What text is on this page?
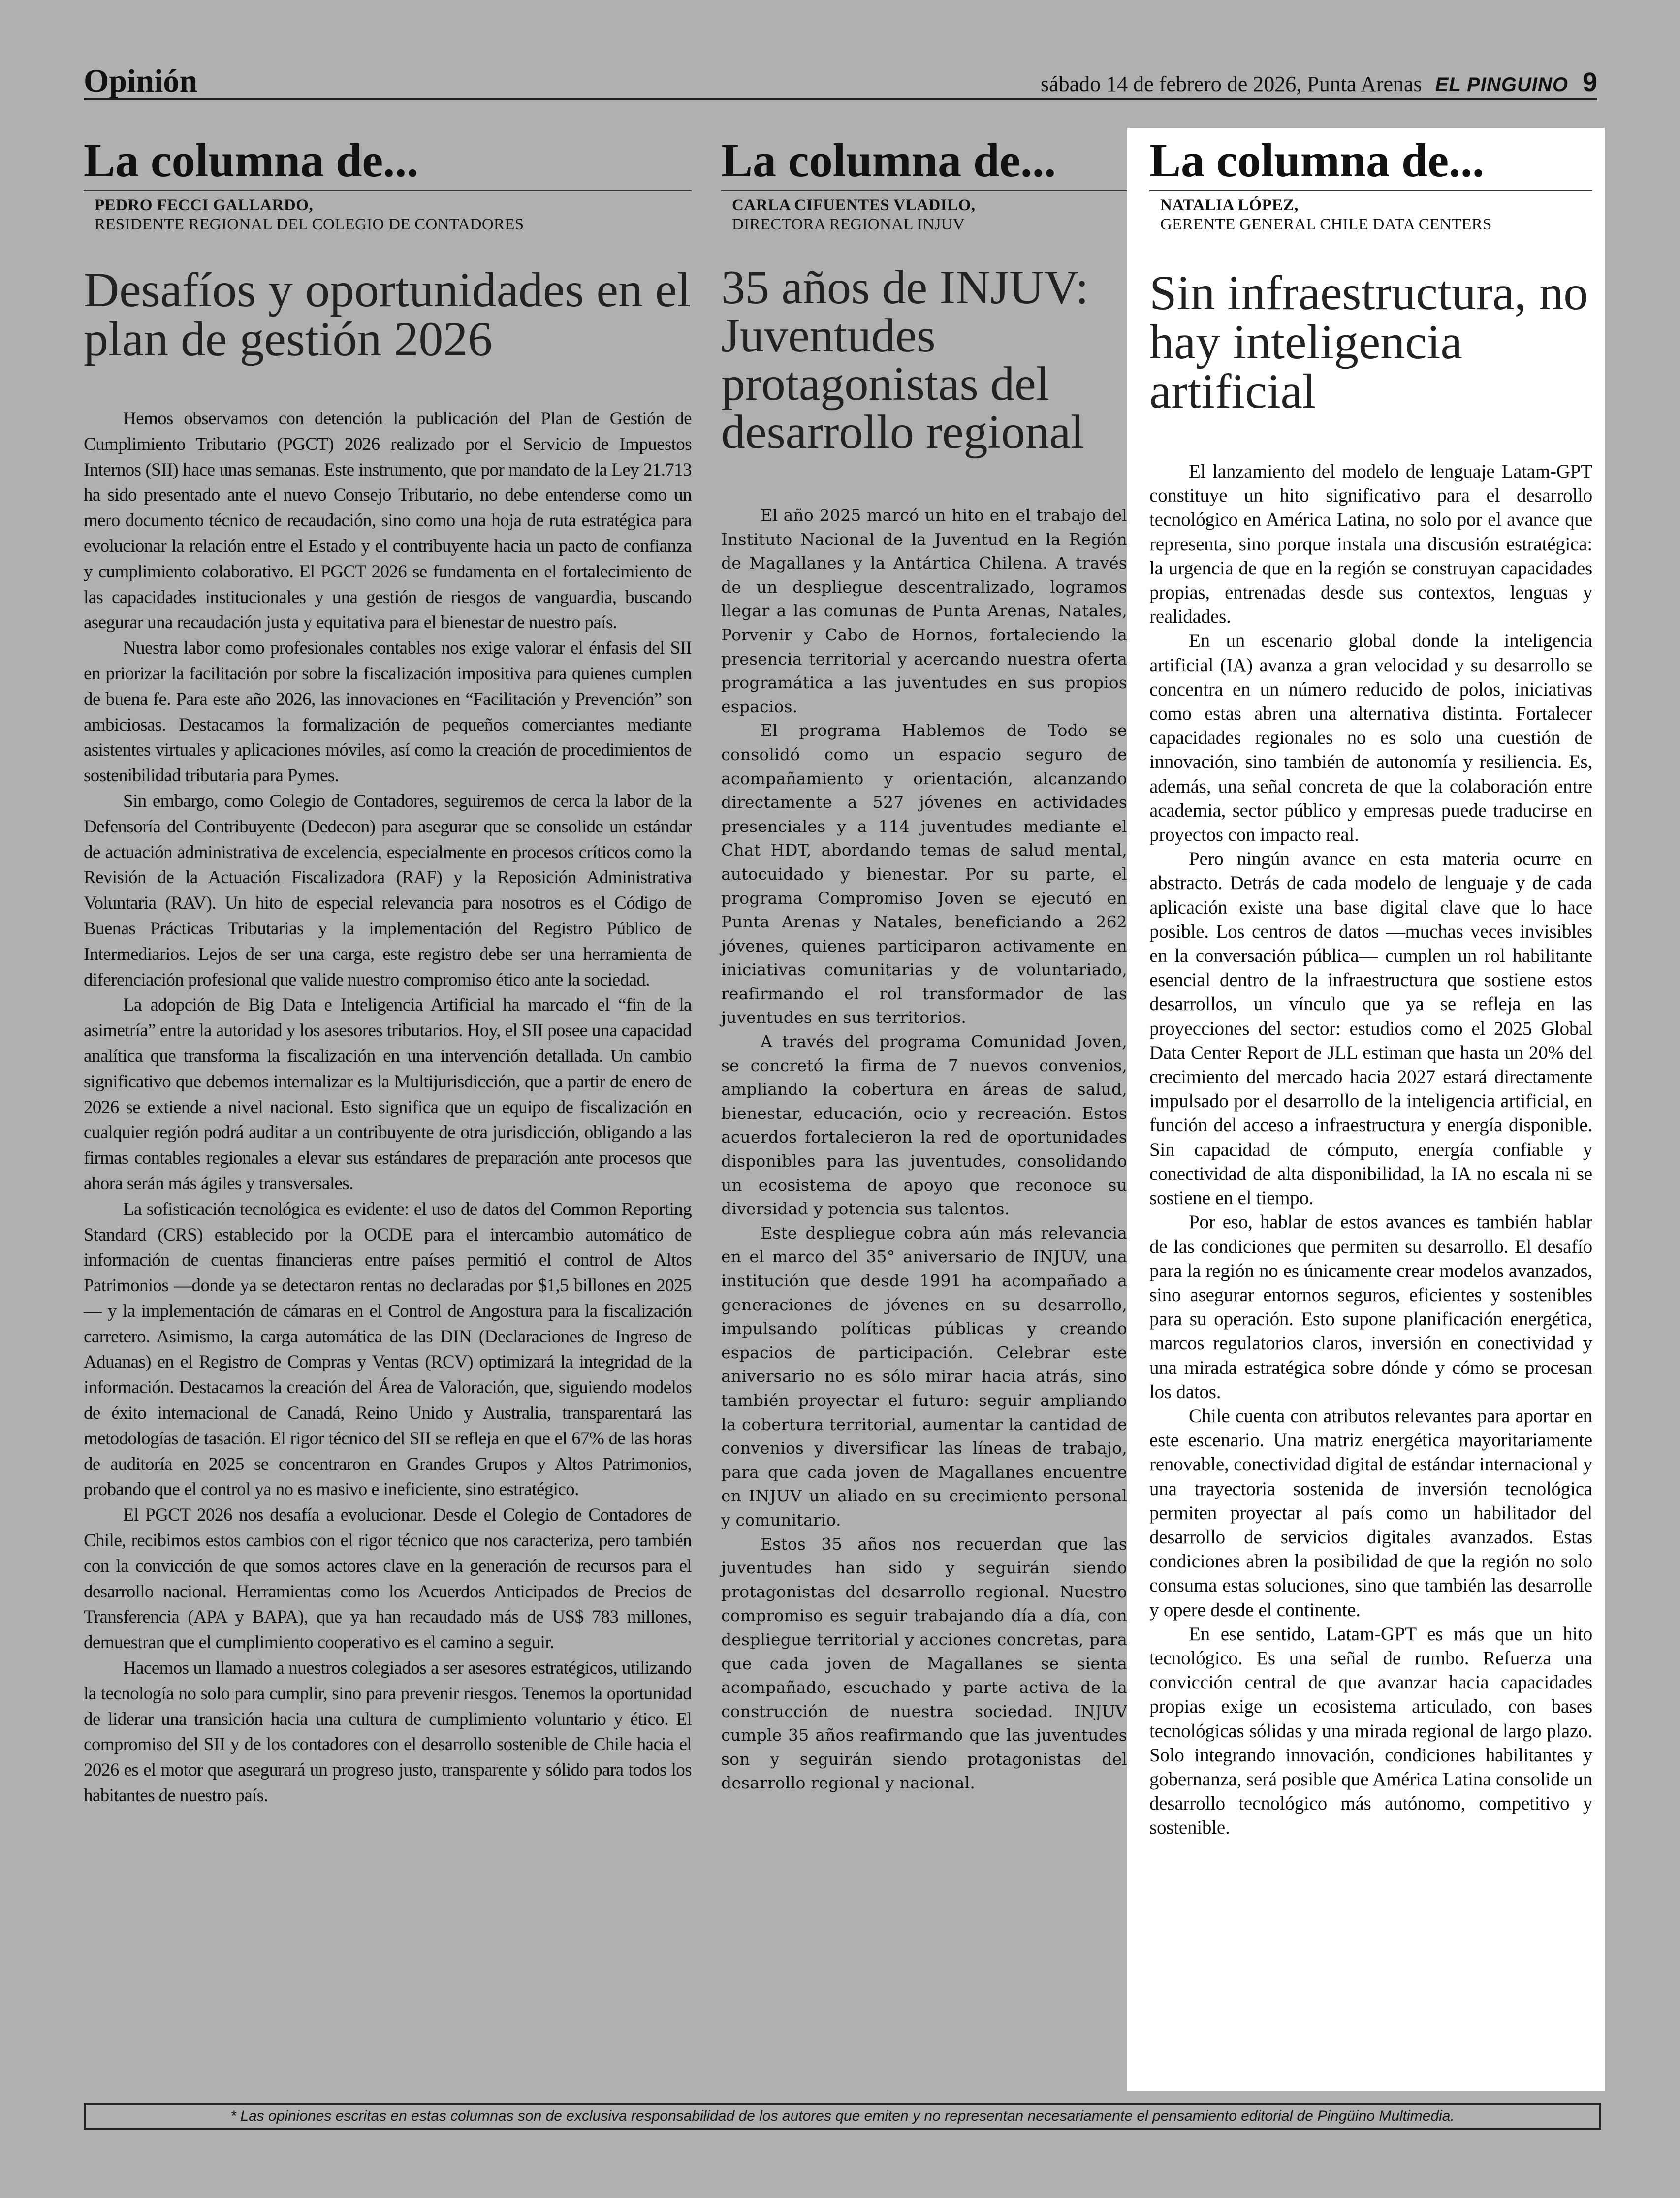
Opinión	sábado 14 de febrero de 2026, Punta Arenas EL PINGUINO 9
La columna de...
PEDRO FECCI GALLARDO,
RESIDENTE REGIONAL DEL COLEGIO DE CONTADORES
Desafíos y oportunidades en el plan de gestión 2026

Hemos observamos con detención la publicación del Plan de Gestión de Cumplimiento Tributario (PGCT) 2026 realizado por el Servicio de Impuestos Internos (SII) hace unas semanas. Este instrumento, que por mandato de la Ley 21.713 ha sido presentado ante el nuevo Consejo Tributario, no debe entenderse como un mero documento técnico de recaudación, sino como una hoja de ruta estratégica para evolucionar la relación entre el Estado y el contribuyente hacia un pacto de confianza y cumplimiento colaborativo. El PGCT 2026 se fundamenta en el fortalecimiento de las capacidades institucionales y una gestión de riesgos de vanguardia, buscando asegurar una recaudación justa y equitativa para el bienestar de nuestro país.

Nuestra labor como profesionales contables nos exige valorar el énfasis del SII en priorizar la facilitación por sobre la fiscalización impositiva para quienes cumplen de buena fe. Para este año 2026, las innovaciones en “Facilitación y Prevención” son ambiciosas. Destacamos la formalización de pequeños comerciantes mediante asistentes virtuales y aplicaciones móviles, así como la creación de procedimientos de sostenibilidad tributaria para Pymes.

Sin embargo, como Colegio de Contadores, seguiremos de cerca la labor de la Defensoría del Contribuyente (Dedecon) para asegurar que se consolide un estándar de actuación administrativa de excelencia, especialmente en procesos críticos como la Revisión de la Actuación Fiscalizadora (RAF) y la Reposición Administrativa Voluntaria (RAV). Un hito de especial relevancia para nosotros es el Código de Buenas Prácticas Tributarias y la implementación del Registro Público de Intermediarios. Lejos de ser una carga, este registro debe ser una herramienta de diferenciación profesional que valide nuestro compromiso ético ante la sociedad.

La adopción de Big Data e Inteligencia Artificial ha marcado el “fin de la asimetría” entre la autoridad y los asesores tributarios. Hoy, el SII posee una capacidad analítica que transforma la fiscalización en una intervención detallada. Un cambio significativo que debemos internalizar es la Multijurisdicción, que a partir de enero de 2026 se extiende a nivel nacional. Esto significa que un equipo de fiscalización en cualquier región podrá auditar a un contribuyente de otra jurisdicción, obligando a las firmas contables regionales a elevar sus estándares de preparación ante procesos que ahora serán más ágiles y transversales.

La sofisticación tecnológica es evidente: el uso de datos del Common Reporting Standard (CRS) establecido por la OCDE para el intercambio automático de información de cuentas financieras entre países permitió el control de Altos Patrimonios —donde ya se detectaron rentas no declaradas por $1,5 billones en 2025— y la implementación de cámaras en el Control de Angostura para la fiscalización carretero. Asimismo, la carga automática de las DIN (Declaraciones de Ingreso de Aduanas) en el Registro de Compras y Ventas (RCV) optimizará la integridad de la información. Destacamos la creación del Área de Valoración, que, siguiendo modelos de éxito internacional de Canadá, Reino Unido y Australia, transparentará las metodologías de tasación. El rigor técnico del SII se refleja en que el 67% de las horas de auditoría en 2025 se concentraron en Grandes Grupos y Altos Patrimonios, probando que el control ya no es masivo e ineficiente, sino estratégico.

El PGCT 2026 nos desafía a evolucionar. Desde el Colegio de Contadores de Chile, recibimos estos cambios con el rigor técnico que nos caracteriza, pero también con la convicción de que somos actores clave en la generación de recursos para el desarrollo nacional. Herramientas como los Acuerdos Anticipados de Precios de Transferencia (APA y BAPA), que ya han recaudado más de US$ 783 millones, demuestran que el cumplimiento cooperativo es el camino a seguir.

Hacemos un llamado a nuestros colegiados a ser asesores estratégicos, utilizando la tecnología no solo para cumplir, sino para prevenir riesgos. Tenemos la oportunidad de liderar una transición hacia una cultura de cumplimiento voluntario y ético. El compromiso del SII y de los contadores con el desarrollo sostenible de Chile hacia el 2026 es el motor que asegurará un progreso justo, transparente y sólido para todos los habitantes de nuestro país.

La columna de...
CARLA CIFUENTES VLADILO,
DIRECTORA REGIONAL INJUV
35 años de INJUV: Juventudes protagonistas del desarrollo regional

El año 2025 marcó un hito en el trabajo del Instituto Nacional de la Juventud en la Región de Magallanes y la Antártica Chilena. A través de un despliegue descentralizado, logramos llegar a las comunas de Punta Arenas, Natales, Porvenir y Cabo de Hornos, fortaleciendo la presencia territorial y acercando nuestra oferta programática a las juventudes en sus propios espacios.

El programa Hablemos de Todo se consolidó como un espacio seguro de acompañamiento y orientación, alcanzando directamente a 527 jóvenes en actividades presenciales y a 114 juventudes mediante el Chat HDT, abordando temas de salud mental, autocuidado y bienestar. Por su parte, el programa Compromiso Joven se ejecutó en Punta Arenas y Natales, beneficiando a 262 jóvenes, quienes participaron activamente en iniciativas comunitarias y de voluntariado, reafirmando el rol transformador de las juventudes en sus territorios.

A través del programa Comunidad Joven, se concretó la firma de 7 nuevos convenios, ampliando la cobertura en áreas de salud, bienestar, educación, ocio y recreación. Estos acuerdos fortalecieron la red de oportunidades disponibles para las juventudes, consolidando un ecosistema de apoyo que reconoce su diversidad y potencia sus talentos.

Este despliegue cobra aún más relevancia en el marco del 35° aniversario de INJUV, una institución que desde 1991 ha acompañado a generaciones de jóvenes en su desarrollo, impulsando políticas públicas y creando espacios de participación. Celebrar este aniversario no es sólo mirar hacia atrás, sino también proyectar el futuro: seguir ampliando la cobertura territorial, aumentar la cantidad de convenios y diversificar las líneas de trabajo, para que cada joven de Magallanes encuentre en INJUV un aliado en su crecimiento personal y comunitario.

Estos 35 años nos recuerdan que las juventudes han sido y seguirán siendo protagonistas del desarrollo regional. Nuestro compromiso es seguir trabajando día a día, con despliegue territorial y acciones concretas, para que cada joven de Magallanes se sienta acompañado, escuchado y parte activa de la construcción de nuestra sociedad. INJUV cumple 35 años reafirmando que las juventudes son y seguirán siendo protagonistas del desarrollo regional y nacional.

La columna de...
NATALIA LÓPEZ,
GERENTE GENERAL CHILE DATA CENTERS
Sin infraestructura, no hay inteligencia artificial

El lanzamiento del modelo de lenguaje Latam-GPT constituye un hito significativo para el desarrollo tecnológico en América Latina, no solo por el avance que representa, sino porque instala una discusión estratégica: la urgencia de que en la región se construyan capacidades propias, entrenadas desde sus contextos, lenguas y realidades.

En un escenario global donde la inteligencia artificial (IA) avanza a gran velocidad y su desarrollo se concentra en un número reducido de polos, iniciativas como estas abren una alternativa distinta. Fortalecer capacidades regionales no es solo una cuestión de innovación, sino también de autonomía y resiliencia. Es, además, una señal concreta de que la colaboración entre academia, sector público y empresas puede traducirse en proyectos con impacto real.

Pero ningún avance en esta materia ocurre en abstracto. Detrás de cada modelo de lenguaje y de cada aplicación existe una base digital clave que lo hace posible. Los centros de datos —muchas veces invisibles en la conversación pública— cumplen un rol habilitante esencial dentro de la infraestructura que sostiene estos desarrollos, un vínculo que ya se refleja en las proyecciones del sector: estudios como el 2025 Global Data Center Report de JLL estiman que hasta un 20% del crecimiento del mercado hacia 2027 estará directamente impulsado por el desarrollo de la inteligencia artificial, en función del acceso a infraestructura y energía disponible. Sin capacidad de cómputo, energía confiable y conectividad de alta disponibilidad, la IA no escala ni se sostiene en el tiempo.

Por eso, hablar de estos avances es también hablar de las condiciones que permiten su desarrollo. El desafío para la región no es únicamente crear modelos avanzados, sino asegurar entornos seguros, eficientes y sostenibles para su operación. Esto supone planificación energética, marcos regulatorios claros, inversión en conectividad y una mirada estratégica sobre dónde y cómo se procesan los datos.

Chile cuenta con atributos relevantes para aportar en este escenario. Una matriz energética mayoritariamente renovable, conectividad digital de estándar internacional y una trayectoria sostenida de inversión tecnológica permiten proyectar al país como un habilitador del desarrollo de servicios digitales avanzados. Estas condiciones abren la posibilidad de que la región no solo consuma estas soluciones, sino que también las desarrolle y opere desde el continente.

En ese sentido, Latam-GPT es más que un hito tecnológico. Es una señal de rumbo. Refuerza una convicción central de que avanzar hacia capacidades propias exige un ecosistema articulado, con bases tecnológicas sólidas y una mirada regional de largo plazo. Solo integrando innovación, condiciones habilitantes y gobernanza, será posible que América Latina consolide un desarrollo tecnológico más autónomo, competitivo y sostenible.

* Las opiniones escritas en estas columnas son de exclusiva responsabilidad de los autores que emiten y no representan necesariamente el pensamiento editorial de Pingüino Multimedia.
